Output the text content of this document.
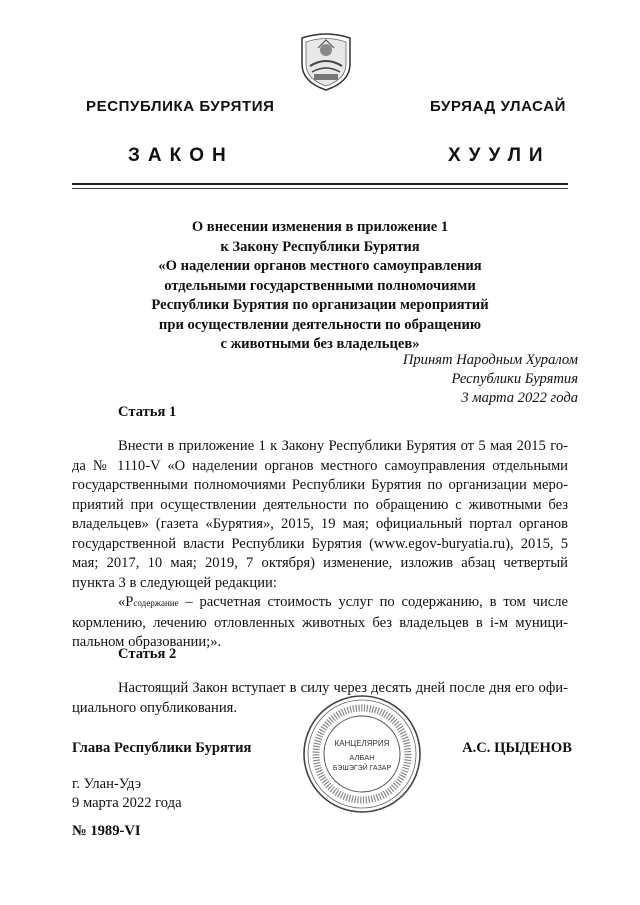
РЕСПУБЛИКА БУРЯТИЯ	БУРЯАД УЛАСАЙ
ЗАКОН	ХУУЛИ
О внесении изменения в приложение 1
к Закону Республики Бурятия
«О наделении органов местного самоуправления
отдельными государственными полномочиями
Республики Бурятия по организации мероприятий
при осуществлении деятельности по обращению
с животными без владельцев»
Принят Народным Хуралом
Республики Бурятия
3 марта 2022 года
Статья 1

Внести в приложение 1 к Закону Республики Бурятия от 5 мая 2015 года № 1110-V «О наделении органов местного самоуправления отдельными государственными полномочиями Республики Бурятия по организации мероприятий при осуществлении деятельности по обращению с животными без владельцев» (газета «Бурятия», 2015, 19 мая; официальный портал органов государственной власти Республики Бурятия (www.egov-buryatia.ru), 2015, 5 мая; 2017, 10 мая; 2019, 7 октября) изменение, изложив абзац четвертый пункта 3 в следующей редакции:

«Pсодержание – расчетная стоимость услуг по содержанию, в том числе кормлению, лечению отловленных животных без владельцев в i-м муниципальном образовании;».

Статья 2

Настоящий Закон вступает в силу через десять дней после дня его официального опубликования.

КАНЦЕЛЯРИЯ
АЛБАН
БЭШЭГЭЙ ГАЗАР
Глава Республики Бурятия	А.С. ЦЫДЕНОВ
г. Улан-Удэ
9 марта 2022 года
№ 1989-VI
